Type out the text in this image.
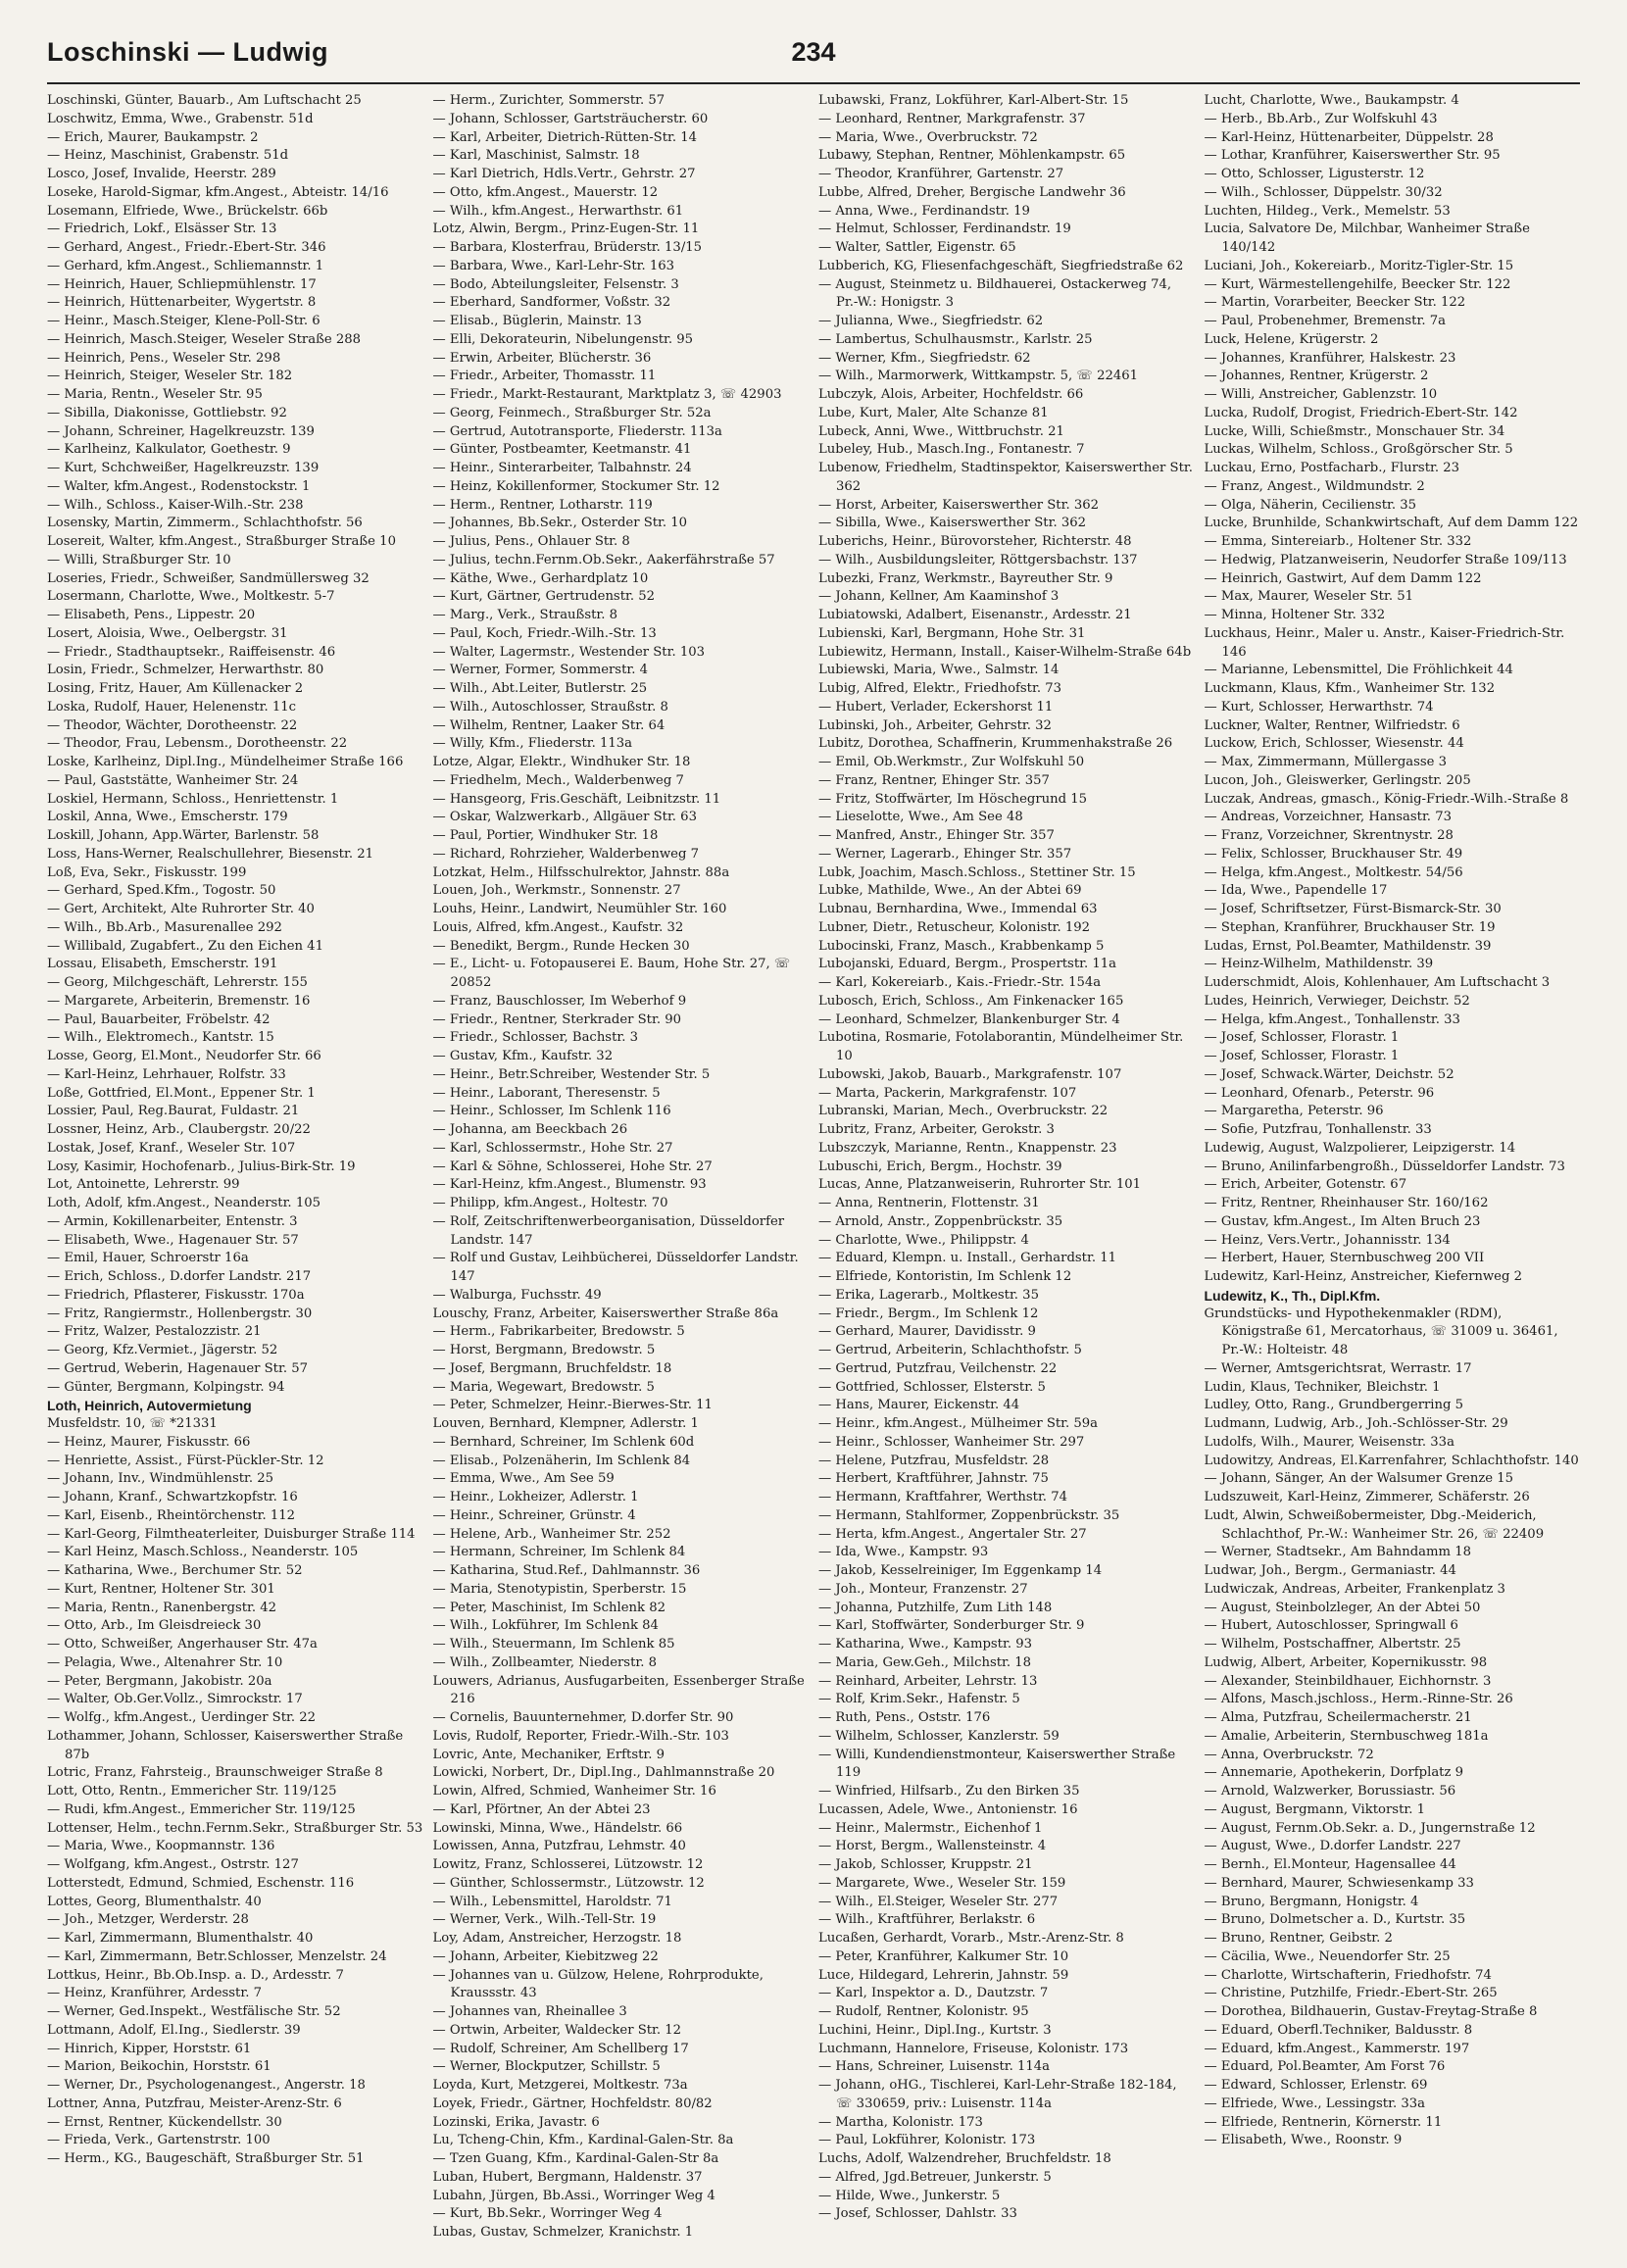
Loschinski — Ludwig	234
Loschinski, Günter, Bauarb., Am Luftschacht 25
Loschwitz, Emma, Wwe., Grabenstr. 51d
— Erich, Maurer, Baukampstr. 2
— Heinz, Maschinist, Grabenstr. 51d
Losco, Josef, Invalide, Heerstr. 289
Loseke, Harold-Sigmar, kfm.Angest., Abteistr. 14/16
Losemann, Elfriede, Wwe., Brückelstr. 66b
— Friedrich, Lokf., Elsässer Str. 13
— Gerhard, Angest., Friedr.-Ebert-Str. 346
— Gerhard, kfm.Angest., Schliemannstr. 1
— Heinrich, Hauer, Schliepmühlenstr. 17
— Heinrich, Hüttenarbeiter, Wygertstr. 8
— Heinr., Masch.Steiger, Klene-Poll-Str. 6
— Heinrich, Masch.Steiger, Weseler Straße 288
— Heinrich, Pens., Weseler Str. 298
— Heinrich, Steiger, Weseler Str. 182
— Maria, Rentn., Weseler Str. 95
— Sibilla, Diakonisse, Gottliebstr. 92
— Johann, Schreiner, Hagelkreuzstr. 139
— Karlheinz, Kalkulator, Goethestr. 9
— Kurt, Schchweißer, Hagelkreuzstr. 139
— Walter, kfm.Angest., Rodenstockstr. 1
— Wilh., Schloss., Kaiser-Wilh.-Str. 238
Losensky, Martin, Zimmerm., Schlachthofstr. 56
Losereit, Walter, kfm.Angest., Straßburger Straße 10
— Willi, Straßburger Str. 10
Loseries, Friedr., Schweißer, Sandmüllersweg 32
Losermann, Charlotte, Wwe., Moltkestr. 5-7
— Elisabeth, Pens., Lippestr. 20
Losert, Aloisia, Wwe., Oelbergstr. 31
— Friedr., Stadthauptsekr., Raiffeisenstr. 46
Losin, Friedr., Schmelzer, Herwarthstr. 80
Losing, Fritz, Hauer, Am Küllenacker 2
Loska, Rudolf, Hauer, Helenenstr. 11c
— Theodor, Wächter, Dorotheenstr. 22
— Theodor, Frau, Lebensm., Dorotheenstr. 22
Loske, Karlheinz, Dipl.Ing., Mündelheimer Straße 166
— Paul, Gaststätte, Wanheimer Str. 24
Loskiel, Hermann, Schloss., Henriettenstr. 1
Loskil, Anna, Wwe., Emscherstr. 179
Loskill, Johann, App.Wärter, Barlenstr. 58
Loss, Hans-Werner, Realschullehrer, Biesenstr. 21
Loß, Eva, Sekr., Fiskusstr. 199
— Gerhard, Sped.Kfm., Togostr. 50
— Gert, Architekt, Alte Ruhrorter Str. 40
— Wilh., Bb.Arb., Masurenallee 292
— Willibald, Zugabfert., Zu den Eichen 41
Lossau, Elisabeth, Emscherstr. 191
— Georg, Milchgeschäft, Lehrerstr. 155
— Margarete, Arbeiterin, Bremenstr. 16
— Paul, Bauarbeiter, Fröbelstr. 42
— Wilh., Elektromech., Kantstr. 15
Losse, Georg, El.Mont., Neudorfer Str. 66
— Karl-Heinz, Lehrhauer, Rolfstr. 33
Loße, Gottfried, El.Mont., Eppener Str. 1
Lossier, Paul, Reg.Baurat, Fuldastr. 21
Lossner, Heinz, Arb., Claubergstr. 20/22
Lostak, Josef, Kranf., Weseler Str. 107
Losy, Kasimir, Hochofenarb., Julius-Birk-Str. 19
Lot, Antoinette, Lehrerstr. 99
Loth, Adolf, kfm.Angest., Neanderstr. 105
— Armin, Kokillenarbeiter, Entenstr. 3
— Elisabeth, Wwe., Hagenauer Str. 57
— Emil, Hauer, Schroerstr 16a
— Erich, Schloss., D.dorfer Landstr. 217
— Friedrich, Pflasterer, Fiskusstr. 170a
— Fritz, Rangiermstr., Hollenbergstr. 30
— Fritz, Walzer, Pestalozzistr. 21
— Georg, Kfz.Vermiet., Jägerstr. 52
— Gertrud, Weberin, Hagenauer Str. 57
— Günter, Bergmann, Kolpingstr. 94
Loth, Heinrich, Autovermietung
Musfeldstr. 10, ☏ *21331
— Heinz, Maurer, Fiskusstr. 66
— Henriette, Assist., Fürst-Pückler-Str. 12
— Johann, Inv., Windmühlenstr. 25
— Johann, Kranf., Schwartzkopfstr. 16
— Karl, Eisenb., Rheintörchenstr. 112
— Karl-Georg, Filmtheaterleiter, Duisburger Straße 114
— Karl Heinz, Masch.Schloss., Neanderstr. 105
— Katharina, Wwe., Berchumer Str. 52
— Kurt, Rentner, Holtener Str. 301
— Maria, Rentn., Ranenbergstr. 42
— Otto, Arb., Im Gleisdreieck 30
— Otto, Schweißer, Angerhauser Str. 47a
— Pelagia, Wwe., Altenahrer Str. 10
— Peter, Bergmann, Jakobistr. 20a
— Walter, Ob.Ger.Vollz., Simrockstr. 17
— Wolfg., kfm.Angest., Uerdinger Str. 22
Lothammer, Johann, Schlosser, Kaiserswerther Straße 87b
Lotric, Franz, Fahrsteig., Braunschweiger Straße 8
Lott, Otto, Rentn., Emmericher Str. 119/125
— Rudi, kfm.Angest., Emmericher Str. 119/125
Lottenser, Helm., techn.Fernm.Sekr., Straßburger Str. 53
— Maria, Wwe., Koopmannstr. 136
— Wolfgang, kfm.Angest., Ostrstr. 127
Lotterstedt, Edmund, Schmied, Eschenstr. 116
Lottes, Georg, Blumenthalstr. 40
— Joh., Metzger, Werderstr. 28
— Karl, Zimmermann, Blumenthalstr. 40
— Karl, Zimmermann, Betr.Schlosser, Menzelstr. 24
Lottkus, Heinr., Bb.Ob.Insp. a. D., Ardesstr. 7
— Heinz, Kranführer, Ardesstr. 7
— Werner, Ged.Inspekt., Westfälische Str. 52
Lottmann, Adolf, El.Ing., Siedlerstr. 39
— Hinrich, Kipper, Horststr. 61
— Marion, Beikochin, Horststr. 61
— Werner, Dr., Psychologenangest., Angerstr. 18
Lottner, Anna, Putzfrau, Meister-Arenz-Str. 6
— Ernst, Rentner, Kückendellstr. 30
— Frieda, Verk., Gartenstrstr. 100
— Herm., KG., Baugeschäft, Straßburger Str. 51
— Herm., Zurichter, Sommerstr. 57
— Johann, Schlosser, Gartsträucherstr. 60
— Karl, Arbeiter, Dietrich-Rütten-Str. 14
— Karl, Maschinist, Salmstr. 18
— Karl Dietrich, Hdls.Vertr., Gehrstr. 27
— Otto, kfm.Angest., Mauerstr. 12
— Wilh., kfm.Angest., Herwarthstr. 61
Lotz, Alwin, Bergm., Prinz-Eugen-Str. 11
— Barbara, Klosterfrau, Brüderstr. 13/15
— Barbara, Wwe., Karl-Lehr-Str. 163
— Bodo, Abteilungsleiter, Felsenstr. 3
— Eberhard, Sandformer, Voßstr. 32
— Elisab., Büglerin, Mainstr. 13
— Elli, Dekorateurin, Nibelungenstr. 95
— Erwin, Arbeiter, Blücherstr. 36
— Friedr., Arbeiter, Thomasstr. 11
— Friedr., Markt-Restaurant, Marktplatz 3, ☏ 42903
— Georg, Feinmech., Straßburger Str. 52a
— Gertrud, Autotransporte, Fliederstr. 113a
— Günter, Postbeamter, Keetmanstr. 41
— Heinr., Sinterarbeiter, Talbahnstr. 24
— Heinz, Kokillenformer, Stockumer Str. 12
— Herm., Rentner, Lotharstr. 119
— Johannes, Bb.Sekr., Osterder Str. 10
— Julius, Pens., Ohlauer Str. 8
— Julius, techn.Fernm.Ob.Sekr., Aakerfährstraße 57
— Käthe, Wwe., Gerhardplatz 10
— Kurt, Gärtner, Gertrudenstr. 52
— Marg., Verk., Straußstr. 8
— Paul, Koch, Friedr.-Wilh.-Str. 13
— Walter, Lagermstr., Westender Str. 103
— Werner, Former, Sommerstr. 4
— Wilh., Abt.Leiter, Butlerstr. 25
— Wilh., Autoschlosser, Straußstr. 8
— Wilhelm, Rentner, Laaker Str. 64
— Willy, Kfm., Fliederstr. 113a
Lotze, Algar, Elektr., Windhuker Str. 18
— Friedhelm, Mech., Walderbenweg 7
— Hansgeorg, Fris.Geschäft, Leibnitzstr. 11
— Oskar, Walzwerkarb., Allgäuer Str. 63
— Paul, Portier, Windhuker Str. 18
— Richard, Rohrzieher, Walderbenweg 7
Lotzkat, Helm., Hilfsschulrektor, Jahnstr. 88a
Louen, Joh., Werkmstr., Sonnenstr. 27
Louhs, Heinr., Landwirt, Neumühler Str. 160
Louis, Alfred, kfm.Angest., Kaufstr. 32
— Benedikt, Bergm., Runde Hecken 30
— E., Licht- u. Fotopauserei E. Baum, Hohe Str. 27, ☏ 20852
— Franz, Bauschlosser, Im Weberhof 9
— Friedr., Rentner, Sterkrader Str. 90
— Friedr., Schlosser, Bachstr. 3
— Gustav, Kfm., Kaufstr. 32
— Heinr., Betr.Schreiber, Westender Str. 5
— Heinr., Laborant, Theresenstr. 5
— Heinr., Schlosser, Im Schlenk 116
— Johanna, am Beeckbach 26
— Karl, Schlossermstr., Hohe Str. 27
— Karl & Söhne, Schlosserei, Hohe Str. 27
— Karl-Heinz, kfm.Angest., Blumenstr. 93
— Philipp, kfm.Angest., Holtestr. 70
— Rolf, Zeitschriftenwerbeorganisation, Düsseldorfer Landstr. 147
— Rolf und Gustav, Leihbücherei, Düsseldorfer Landstr. 147
— Walburga, Fuchsstr. 49
Louschy, Franz, Arbeiter, Kaiserswerther Straße 86a
— Herm., Fabrikarbeiter, Bredowstr. 5
— Horst, Bergmann, Bredowstr. 5
— Josef, Bergmann, Bruchfeldstr. 18
— Maria, Wegewart, Bredowstr. 5
— Peter, Schmelzer, Heinr.-Bierwes-Str. 11
Louven, Bernhard, Klempner, Adlerstr. 1
— Bernhard, Schreiner, Im Schlenk 60d
— Elisab., Polzenäherin, Im Schlenk 84
— Emma, Wwe., Am See 59
— Heinr., Lokheizer, Adlerstr. 1
— Heinr., Schreiner, Grünstr. 4
— Helene, Arb., Wanheimer Str. 252
— Hermann, Schreiner, Im Schlenk 84
— Katharina, Stud.Ref., Dahlmannstr. 36
— Maria, Stenotypistin, Sperberstr. 15
— Peter, Maschinist, Im Schlenk 82
— Wilh., Lokführer, Im Schlenk 84
— Wilh., Steuermann, Im Schlenk 85
— Wilh., Zollbeamter, Niederstr. 8
Louwers, Adrianus, Ausfugarbeiten, Essenberger Straße 216
— Cornelis, Bauunternehmer, D.dorfer Str. 90
Lovis, Rudolf, Reporter, Friedr.-Wilh.-Str. 103
Lovric, Ante, Mechaniker, Erftstr. 9
Lowicki, Norbert, Dr., Dipl.Ing., Dahlmannstraße 20
Lowin, Alfred, Schmied, Wanheimer Str. 16
— Karl, Pförtner, An der Abtei 23
Lowinski, Minna, Wwe., Händelstr. 66
Lowissen, Anna, Putzfrau, Lehmstr. 40
Lowitz, Franz, Schlosserei, Lützowstr. 12
— Günther, Schlossermstr., Lützowstr. 12
— Wilh., Lebensmittel, Haroldstr. 71
— Werner, Verk., Wilh.-Tell-Str. 19
Loy, Adam, Anstreicher, Herzogstr. 18
— Johann, Arbeiter, Kiebitzweg 22
— Johannes van u. Gülzow, Helene, Rohrprodukte, Kraussstr. 43
— Johannes van, Rheinallee 3
— Ortwin, Arbeiter, Waldecker Str. 12
— Rudolf, Schreiner, Am Schellberg 17
— Werner, Blockputzer, Schillstr. 5
Loyda, Kurt, Metzgerei, Moltkestr. 73a
Loyek, Friedr., Gärtner, Hochfeldstr. 80/82
Lozinski, Erika, Javastr. 6
Lu, Tcheng-Chin, Kfm., Kardinal-Galen-Str. 8a
— Tzen Guang, Kfm., Kardinal-Galen-Str 8a
Luban, Hubert, Bergmann, Haldenstr. 37
Lubahn, Jürgen, Bb.Assi., Worringer Weg 4
— Kurt, Bb.Sekr., Worringer Weg 4
Lubas, Gustav, Schmelzer, Kranichstr. 1
Lubawski, Franz, Lokführer, Karl-Albert-Str. 15
— Leonhard, Rentner, Markgrafenstr. 37
— Maria, Wwe., Overbruckstr. 72
Lubawy, Stephan, Rentner, Möhlenkampstr. 65
— Theodor, Kranführer, Gartenstr. 27
Lubbe, Alfred, Dreher, Bergische Landwehr 36
— Anna, Wwe., Ferdinandstr. 19
— Helmut, Schlosser, Ferdinandstr. 19
— Walter, Sattler, Eigenstr. 65
Lubberich, KG, Fliesenfachgeschäft, Siegfriedstraße 62
— August, Steinmetz u. Bildhauerei, Ostackerweg 74, Pr.-W.: Honigstr. 3
— Julianna, Wwe., Siegfriedstr. 62
— Lambertus, Schulhausmstr., Karlstr. 25
— Werner, Kfm., Siegfriedstr. 62
— Wilh., Marmorwerk, Wittkampstr. 5, ☏ 22461
Lubczyk, Alois, Arbeiter, Hochfeldstr. 66
Lube, Kurt, Maler, Alte Schanze 81
Lubeck, Anni, Wwe., Wittbruchstr. 21
Lubeley, Hub., Masch.Ing., Fontanestr. 7
Lubenow, Friedhelm, Stadtinspektor, Kaiserswerther Str. 362
— Horst, Arbeiter, Kaiserswerther Str. 362
— Sibilla, Wwe., Kaiserswerther Str. 362
Luberichs, Heinr., Bürovorsteher, Richterstr. 48
— Wilh., Ausbildungsleiter, Röttgersbachstr. 137
Lubezki, Franz, Werkmstr., Bayreuther Str. 9
— Johann, Kellner, Am Kaaminshof 3
Lubiatowski, Adalbert, Eisenanstr., Ardesstr. 21
Lubienski, Karl, Bergmann, Hohe Str. 31
Lubiewitz, Hermann, Install., Kaiser-Wilhelm-Straße 64b
Lubiewski, Maria, Wwe., Salmstr. 14
Lubig, Alfred, Elektr., Friedhofstr. 73
— Hubert, Verlader, Eckershorst 11
Lubinski, Joh., Arbeiter, Gehrstr. 32
Lubitz, Dorothea, Schaffnerin, Krummenhakstraße 26
— Emil, Ob.Werkmstr., Zur Wolfskuhl 50
— Franz, Rentner, Ehinger Str. 357
— Fritz, Stoffwärter, Im Höschegrund 15
— Lieselotte, Wwe., Am See 48
— Manfred, Anstr., Ehinger Str. 357
— Werner, Lagerarb., Ehinger Str. 357
Lubk, Joachim, Masch.Schloss., Stettiner Str. 15
Lubke, Mathilde, Wwe., An der Abtei 69
Lubnau, Bernhardina, Wwe., Immendal 63
Lubner, Dietr., Retuscheur, Kolonistr. 192
Lubocinski, Franz, Masch., Krabbenkamp 5
Lubojanski, Eduard, Bergm., Prospertstr. 11a
— Karl, Kokereiarb., Kais.-Friedr.-Str. 154a
Lubosch, Erich, Schloss., Am Finkenacker 165
— Leonhard, Schmelzer, Blankenburger Str. 4
Lubotina, Rosmarie, Fotolaborantin, Mündelheimer Str. 10
Lubowski, Jakob, Bauarb., Markgrafenstr. 107
— Marta, Packerin, Markgrafenstr. 107
Lubranski, Marian, Mech., Overbruckstr. 22
Lubritz, Franz, Arbeiter, Gerokstr. 3
Lubszczyk, Marianne, Rentn., Knappenstr. 23
Lubuschi, Erich, Bergm., Hochstr. 39
Lucas, Anne, Platzanweiserin, Ruhrorter Str. 101
— Anna, Rentnerin, Flottenstr. 31
— Arnold, Anstr., Zoppenbrückstr. 35
— Charlotte, Wwe., Philippstr. 4
— Eduard, Klempn. u. Install., Gerhardstr. 11
— Elfriede, Kontoristin, Im Schlenk 12
— Erika, Lagerarb., Moltkestr. 35
— Friedr., Bergm., Im Schlenk 12
— Gerhard, Maurer, Davidisstr. 9
— Gertrud, Arbeiterin, Schlachthofstr. 5
— Gertrud, Putzfrau, Veilchenstr. 22
— Gottfried, Schlosser, Elsterstr. 5
— Hans, Maurer, Eickenstr. 44
— Heinr., kfm.Angest., Mülheimer Str. 59a
— Heinr., Schlosser, Wanheimer Str. 297
— Helene, Putzfrau, Musfeldstr. 28
— Herbert, Kraftführer, Jahnstr. 75
— Hermann, Kraftfahrer, Werthstr. 74
— Hermann, Stahlformer, Zoppenbrückstr. 35
— Herta, kfm.Angest., Angertaler Str. 27
— Ida, Wwe., Kampstr. 93
— Jakob, Kesselreiniger, Im Eggenkamp 14
— Joh., Monteur, Franzenstr. 27
— Johanna, Putzhilfe, Zum Lith 148
— Karl, Stoffwärter, Sonderburger Str. 9
— Katharina, Wwe., Kampstr. 93
— Maria, Gew.Geh., Milchstr. 18
— Reinhard, Arbeiter, Lehrstr. 13
— Rolf, Krim.Sekr., Hafenstr. 5
— Ruth, Pens., Oststr. 176
— Wilhelm, Schlosser, Kanzlerstr. 59
— Willi, Kundendienstmonteur, Kaiserswerther Straße 119
— Winfried, Hilfsarb., Zu den Birken 35
Lucassen, Adele, Wwe., Antonienstr. 16
— Heinr., Malermstr., Eichenhof 1
— Horst, Bergm., Wallensteinstr. 4
— Jakob, Schlosser, Kruppstr. 21
— Margarete, Wwe., Weseler Str. 159
— Wilh., El.Steiger, Weseler Str. 277
— Wilh., Kraftführer, Berlakstr. 6
Lucaßen, Gerhardt, Vorarb., Mstr.-Arenz-Str. 8
— Peter, Kranführer, Kalkumer Str. 10
Luce, Hildegard, Lehrerin, Jahnstr. 59
— Karl, Inspektor a. D., Dautzstr. 7
— Rudolf, Rentner, Kolonistr. 95
Luchini, Heinr., Dipl.Ing., Kurtstr. 3
Luchmann, Hannelore, Friseuse, Kolonistr. 173
— Hans, Schreiner, Luisenstr. 114a
— Johann, oHG., Tischlerei, Karl-Lehr-Straße 182-184, ☏ 330659, priv.: Luisenstr. 114a
— Martha, Kolonistr. 173
— Paul, Lokführer, Kolonistr. 173
Luchs, Adolf, Walzendreher, Bruchfeldstr. 18
— Alfred, Jgd.Betreuer, Junkerstr. 5
— Hilde, Wwe., Junkerstr. 5
— Josef, Schlosser, Dahlstr. 33
Lucht, Charlotte, Wwe., Baukampstr. 4
— Herb., Bb.Arb., Zur Wolfskuhl 43
— Karl-Heinz, Hüttenarbeiter, Düppelstr. 28
— Lothar, Kranführer, Kaiserswerther Str. 95
— Otto, Schlosser, Ligusterstr. 12
— Wilh., Schlosser, Düppelstr. 30/32
Luchten, Hildeg., Verk., Memelstr. 53
Lucia, Salvatore De, Milchbar, Wanheimer Straße 140/142
Luciani, Joh., Kokereiarb., Moritz-Tigler-Str. 15
— Kurt, Wärmestellengehilfe, Beecker Str. 122
— Martin, Vorarbeiter, Beecker Str. 122
— Paul, Probenehmer, Bremenstr. 7a
Luck, Helene, Krügerstr. 2
— Johannes, Kranführer, Halskestr. 23
— Johannes, Rentner, Krügerstr. 2
— Willi, Anstreicher, Gablenzstr. 10
Lucka, Rudolf, Drogist, Friedrich-Ebert-Str. 142
Lucke, Willi, Schießmstr., Monschauer Str. 34
Luckas, Wilhelm, Schloss., Großgörscher Str. 5
Luckau, Erno, Postfacharb., Flurstr. 23
— Franz, Angest., Wildmundstr. 2
— Olga, Näherin, Cecilienstr. 35
Lucke, Brunhilde, Schankwirtschaft, Auf dem Damm 122
— Emma, Sintereiarb., Holtener Str. 332
— Hedwig, Platzanweiserin, Neudorfer Straße 109/113
— Heinrich, Gastwirt, Auf dem Damm 122
— Max, Maurer, Weseler Str. 51
— Minna, Holtener Str. 332
Luckhaus, Heinr., Maler u. Anstr., Kaiser-Friedrich-Str. 146
— Marianne, Lebensmittel, Die Fröhlichkeit 44
Luckmann, Klaus, Kfm., Wanheimer Str. 132
— Kurt, Schlosser, Herwarthstr. 74
Luckner, Walter, Rentner, Wilfriedstr. 6
Luckow, Erich, Schlosser, Wiesenstr. 44
— Max, Zimmermann, Müllergasse 3
Lucon, Joh., Gleiswerker, Gerlingstr. 205
Luczak, Andreas, gmasch., König-Friedr.-Wilh.-Straße 8
— Andreas, Vorzeichner, Hansastr. 73
— Franz, Vorzeichner, Skrentnystr. 28
— Felix, Schlosser, Bruckhauser Str. 49
— Helga, kfm.Angest., Moltkestr. 54/56
— Ida, Wwe., Papendelle 17
— Josef, Schriftsetzer, Fürst-Bismarck-Str. 30
— Stephan, Kranführer, Bruckhauser Str. 19
Ludas, Ernst, Pol.Beamter, Mathildenstr. 39
— Heinz-Wilhelm, Mathildenstr. 39
Luderschmidt, Alois, Kohlenhauer, Am Luftschacht 3
Ludes, Heinrich, Verwieger, Deichstr. 52
— Helga, kfm.Angest., Tonhallenstr. 33
— Josef, Schlosser, Florastr. 1
— Josef, Schlosser, Florastr. 1
— Josef, Schwack.Wärter, Deichstr. 52
— Leonhard, Ofenarb., Peterstr. 96
— Margaretha, Peterstr. 96
— Sofie, Putzfrau, Tonhallenstr. 33
Ludewig, August, Walzpolierer, Leipzigerstr. 14
— Bruno, Anilinfarbengroßh., Düsseldorfer Landstr. 73
— Erich, Arbeiter, Gotenstr. 67
— Fritz, Rentner, Rheinhauser Str. 160/162
— Gustav, kfm.Angest., Im Alten Bruch 23
— Heinz, Vers.Vertr., Johannisstr. 134
— Herbert, Hauer, Sternbuschweg 200 VII
Ludewitz, Karl-Heinz, Anstreicher, Kiefernweg 2
Ludewitz, K., Th., Dipl.Kfm.
Grundstücks- und Hypothekenmakler (RDM), Königstraße 61, Mercatorhaus, ☏ 31009 u. 36461, Pr.-W.: Holteistr. 48
— Werner, Amtsgerichtsrat, Werrastr. 17
Ludin, Klaus, Techniker, Bleichstr. 1
Ludley, Otto, Rang., Grundbergerring 5
Ludmann, Ludwig, Arb., Joh.-Schlösser-Str. 29
Ludolfs, Wilh., Maurer, Weisenstr. 33a
Ludowitzy, Andreas, El.Karrenfahrer, Schlachthofstr. 140
— Johann, Sänger, An der Walsumer Grenze 15
Ludszuweit, Karl-Heinz, Zimmerer, Schäferstr. 26
Ludt, Alwin, Schweißobermeister, Dbg.-Meiderich, Schlachthof, Pr.-W.: Wanheimer Str. 26, ☏ 22409
— Werner, Stadtsekr., Am Bahndamm 18
Ludwar, Joh., Bergm., Germaniastr. 44
Ludwiczak, Andreas, Arbeiter, Frankenplatz 3
— August, Steinbolzleger, An der Abtei 50
— Hubert, Autoschlosser, Springwall 6
— Wilhelm, Postschaffner, Albertstr. 25
Ludwig, Albert, Arbeiter, Kopernikusstr. 98
— Alexander, Steinbildhauer, Eichhornstr. 3
— Alfons, Masch.jschloss., Herm.-Rinne-Str. 26
— Alma, Putzfrau, Scheilermacherstr. 21
— Amalie, Arbeiterin, Sternbuschweg 181a
— Anna, Overbruckstr. 72
— Annemarie, Apothekerin, Dorfplatz 9
— Arnold, Walzwerker, Borussiastr. 56
— August, Bergmann, Viktorstr. 1
— August, Fernm.Ob.Sekr. a. D., Jungernstraße 12
— August, Wwe., D.dorfer Landstr. 227
— Bernh., El.Monteur, Hagensallee 44
— Bernhard, Maurer, Schwiesenkamp 33
— Bruno, Bergmann, Honigstr. 4
— Bruno, Dolmetscher a. D., Kurtstr. 35
— Bruno, Rentner, Geibstr. 2
— Cäcilia, Wwe., Neuendorfer Str. 25
— Charlotte, Wirtschafterin, Friedhofstr. 74
— Christine, Putzhilfe, Friedr.-Ebert-Str. 265
— Dorothea, Bildhauerin, Gustav-Freytag-Straße 8
— Eduard, Oberfl.Techniker, Baldusstr. 8
— Eduard, kfm.Angest., Kammerstr. 197
— Eduard, Pol.Beamter, Am Forst 76
— Edward, Schlosser, Erlenstr. 69
— Elfriede, Wwe., Lessingstr. 33a
— Elfriede, Rentnerin, Körnerstr. 11
— Elisabeth, Wwe., Roonstr. 9
